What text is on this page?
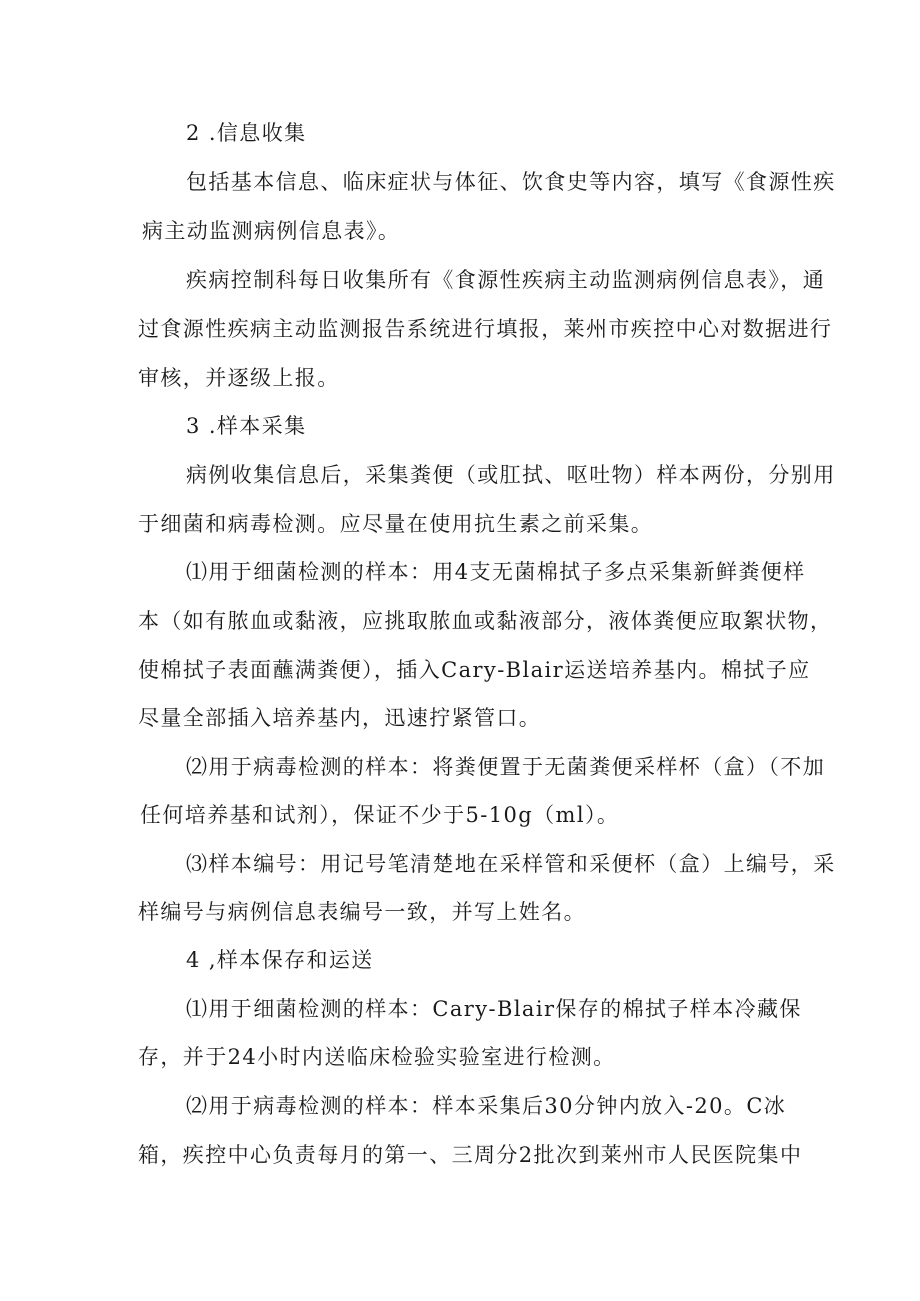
2 .信息收集
包括基本信息、临床症状与体征、饮食史等内容，填写《食源性疾
病主动监测病例信息表》。
疾病控制科每日收集所有《食源性疾病主动监测病例信息表》，通
过食源性疾病主动监测报告系统进行填报，莱州市疾控中心对数据进行
审核，并逐级上报。
3 .样本采集
病例收集信息后，采集粪便（或肛拭、呕吐物）样本两份，分别用
于细菌和病毒检测。应尽量在使用抗生素之前采集。
⑴用于细菌检测的样本：用4支无菌棉拭子多点采集新鲜粪便样
本（如有脓血或黏液，应挑取脓血或黏液部分，液体粪便应取絮状物，
使棉拭子表面蘸满粪便），插入Cary-Blair运送培养基内。棉拭子应
尽量全部插入培养基内，迅速拧紧管口。
⑵用于病毒检测的样本：将粪便置于无菌粪便采样杯（盒）（不加
任何培养基和试剂），保证不少于5-10g（ml）。
⑶样本编号：用记号笔清楚地在采样管和采便杯（盒）上编号，采
样编号与病例信息表编号一致，并写上姓名。
4 ,样本保存和运送
⑴用于细菌检测的样本：Cary-Blair保存的棉拭子样本冷藏保
存，并于24小时内送临床检验实验室进行检测。
⑵用于病毒检测的样本：样本采集后30分钟内放入-20。C冰
箱，疾控中心负责每月的第一、三周分2批次到莱州市人民医院集中
